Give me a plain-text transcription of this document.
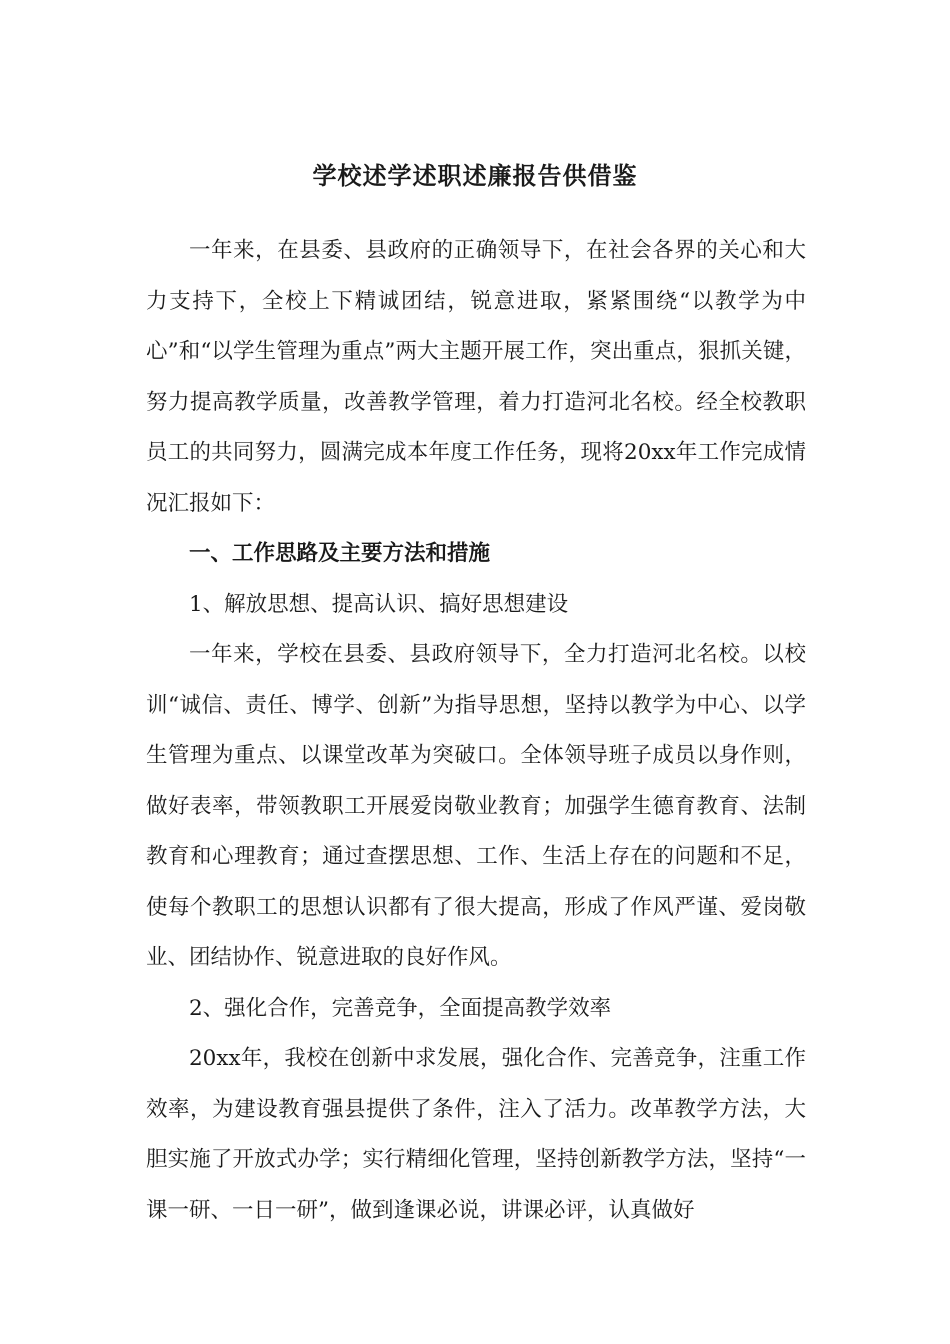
学校述学述职述廉报告供借鉴

一年来，在县委、县政府的正确领导下，在社会各界的关心和大力支持下，全校上下精诚团结，锐意进取，紧紧围绕“以教学为中心”和“以学生管理为重点”两大主题开展工作，突出重点，狠抓关键，努力提高教学质量，改善教学管理，着力打造河北名校。经全校教职员工的共同努力，圆满完成本年度工作任务，现将20xx年工作完成情况汇报如下：

一、工作思路及主要方法和措施

1、解放思想、提高认识、搞好思想建设

一年来，学校在县委、县政府领导下，全力打造河北名校。以校训“诚信、责任、博学、创新”为指导思想，坚持以教学为中心、以学生管理为重点、以课堂改革为突破口。全体领导班子成员以身作则，做好表率，带领教职工开展爱岗敬业教育；加强学生德育教育、法制教育和心理教育；通过查摆思想、工作、生活上存在的问题和不足，使每个教职工的思想认识都有了很大提高，形成了作风严谨、爱岗敬业、团结协作、锐意进取的良好作风。

2、强化合作，完善竞争，全面提高教学效率

20xx年，我校在创新中求发展，强化合作、完善竞争，注重工作效率，为建设教育强县提供了条件，注入了活力。改革教学方法，大胆实施了开放式办学；实行精细化管理，坚持创新教学方法，坚持“一课一研、一日一研”，做到逢课必说，讲课必评，认真做好
